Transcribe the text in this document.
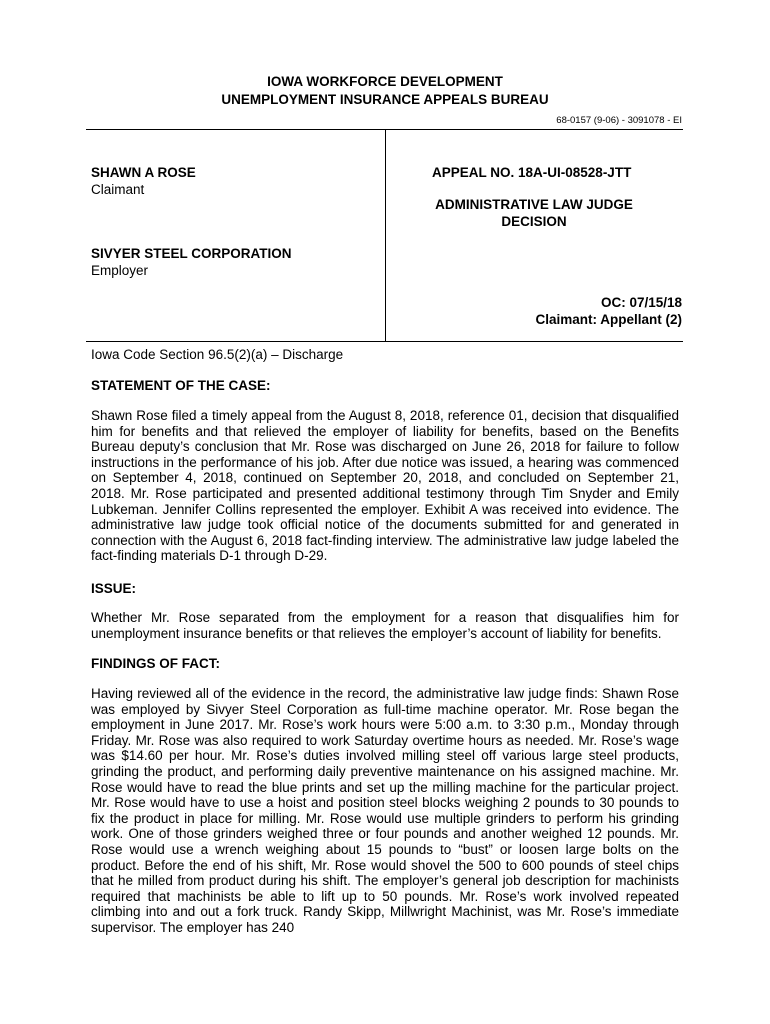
IOWA WORKFORCE DEVELOPMENT
UNEMPLOYMENT INSURANCE APPEALS BUREAU
68-0157 (9-06) - 3091078 - EI
SHAWN A ROSE
Claimant
SIVYER STEEL CORPORATION
Employer
APPEAL NO. 18A-UI-08528-JTT
ADMINISTRATIVE LAW JUDGE
DECISION
OC: 07/15/18
Claimant: Appellant (2)
Iowa Code Section 96.5(2)(a) – Discharge
STATEMENT OF THE CASE:

Shawn Rose filed a timely appeal from the August 8, 2018, reference 01, decision that disqualified him for benefits and that relieved the employer of liability for benefits, based on the Benefits Bureau deputy’s conclusion that Mr. Rose was discharged on June 26, 2018 for failure to follow instructions in the performance of his job. After due notice was issued, a hearing was commenced on September 4, 2018, continued on September 20, 2018, and concluded on September 21, 2018. Mr. Rose participated and presented additional testimony through Tim Snyder and Emily Lubkeman. Jennifer Collins represented the employer. Exhibit A was received into evidence. The administrative law judge took official notice of the documents submitted for and generated in connection with the August 6, 2018 fact-finding interview. The administrative law judge labeled the fact-finding materials D-1 through D-29.

ISSUE:

Whether Mr. Rose separated from the employment for a reason that disqualifies him for unemployment insurance benefits or that relieves the employer’s account of liability for benefits.

FINDINGS OF FACT:

Having reviewed all of the evidence in the record, the administrative law judge finds: Shawn Rose was employed by Sivyer Steel Corporation as full-time machine operator. Mr. Rose began the employment in June 2017. Mr. Rose’s work hours were 5:00 a.m. to 3:30 p.m., Monday through Friday. Mr. Rose was also required to work Saturday overtime hours as needed. Mr. Rose’s wage was $14.60 per hour. Mr. Rose’s duties involved milling steel off various large steel products, grinding the product, and performing daily preventive maintenance on his assigned machine. Mr. Rose would have to read the blue prints and set up the milling machine for the particular project. Mr. Rose would have to use a hoist and position steel blocks weighing 2 pounds to 30 pounds to fix the product in place for milling. Mr. Rose would use multiple grinders to perform his grinding work. One of those grinders weighed three or four pounds and another weighed 12 pounds. Mr. Rose would use a wrench weighing about 15 pounds to “bust” or loosen large bolts on the product. Before the end of his shift, Mr. Rose would shovel the 500 to 600 pounds of steel chips that he milled from product during his shift. The employer’s general job description for machinists required that machinists be able to lift up to 50 pounds. Mr. Rose’s work involved repeated climbing into and out a fork truck. Randy Skipp, Millwright Machinist, was Mr. Rose’s immediate supervisor. The employer has 240
